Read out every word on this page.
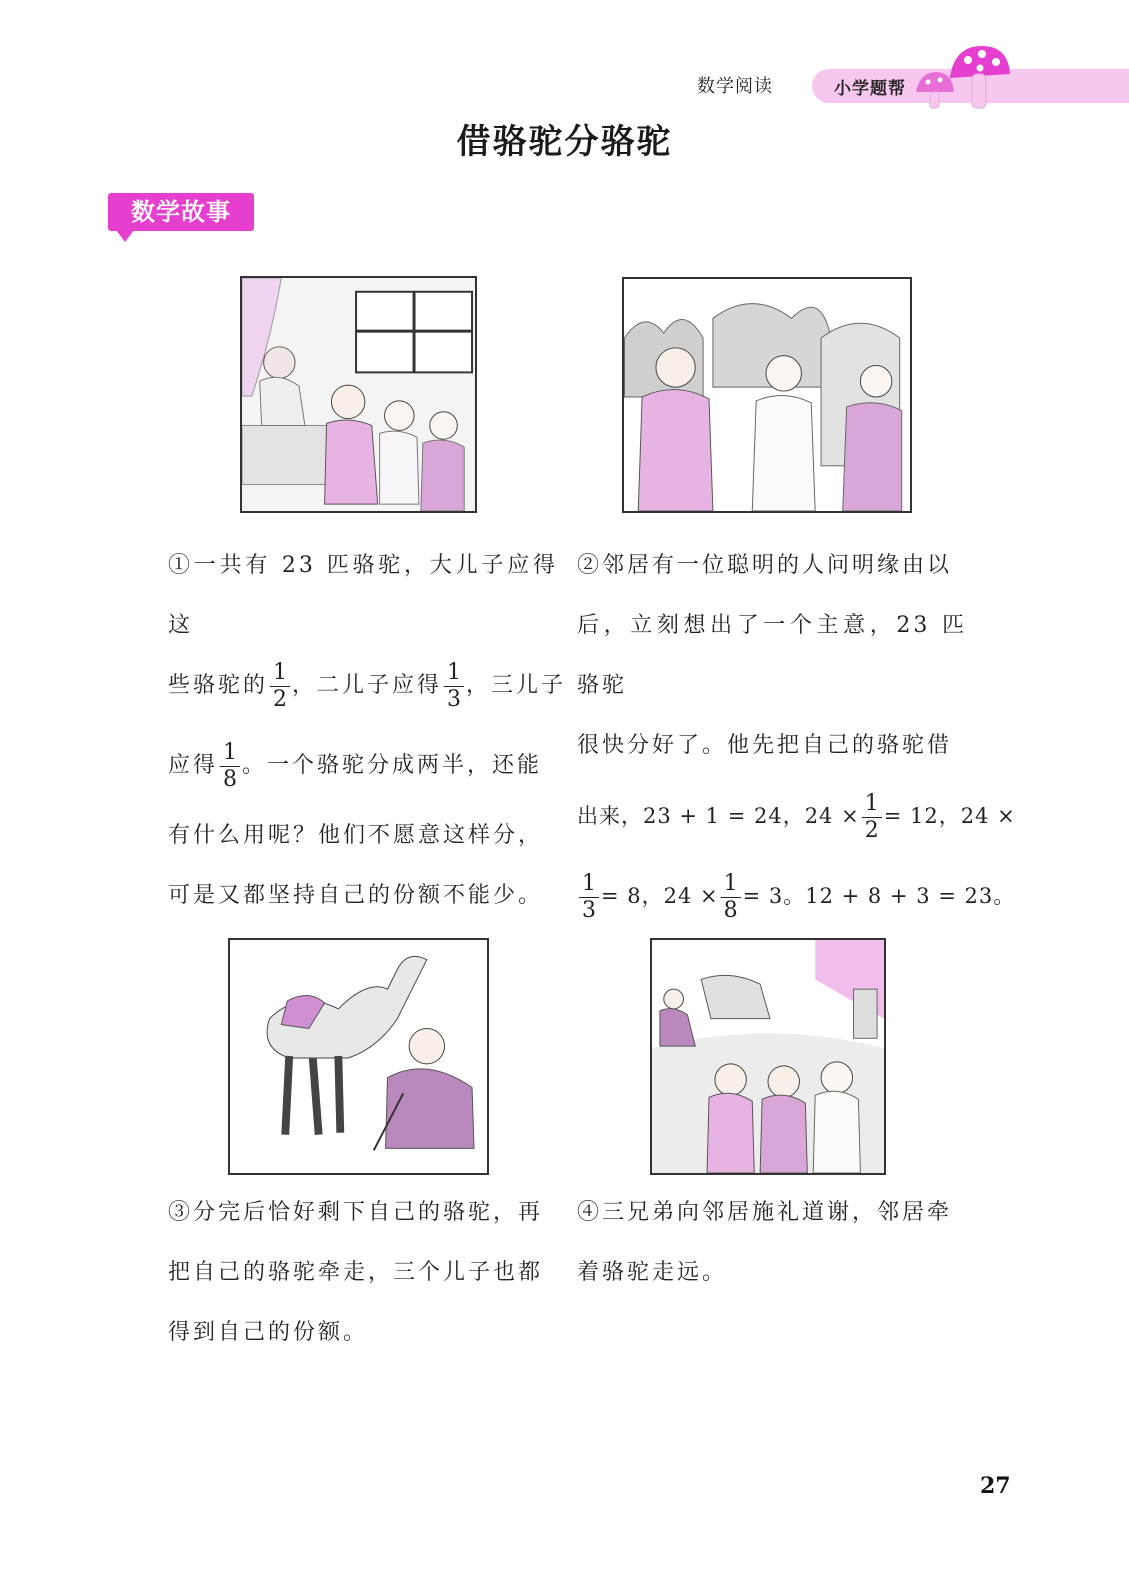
数学阅读	小学题帮
借骆驼分骆驼
数学故事
①一共有 23 匹骆驼，大儿子应得这
些骆驼的 $\frac{1}{2}$ ，二儿子应得 $\frac{1}{3}$ ，三儿子
应得 $\frac{1}{8}$ 。一个骆驼分成两半，还能
有什么用呢？他们不愿意这样分，
可是又都坚持自己的份额不能少。
②邻居有一位聪明的人问明缘由以
后，立刻想出了一个主意，23 匹骆驼
很快分好了。他先把自己的骆驼借
出来，23 + 1 = 24，$24 \times \frac{1}{2} = 12$，24 ×
$\frac{1}{3} = 8$，$24 \times \frac{1}{8} = 3$。12 + 8 + 3 = 23。
③分完后恰好剩下自己的骆驼，再
把自己的骆驼牵走，三个儿子也都
得到自己的份额。
④三兄弟向邻居施礼道谢，邻居牵
着骆驼走远。
27
